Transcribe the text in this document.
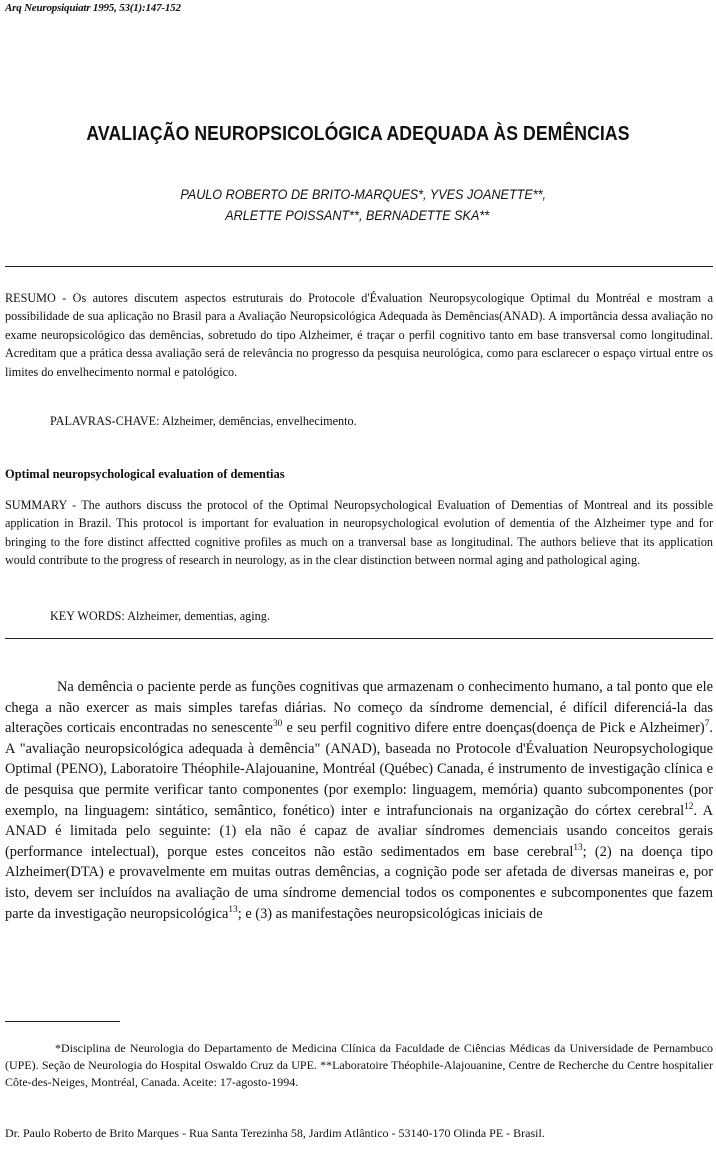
Arq Neuropsiquiatr 1995, 53(1):147-152
AVALIAÇÃO NEUROPSICOLÓGICA ADEQUADA ÀS DEMÊNCIAS
PAULO ROBERTO DE BRITO-MARQUES*, YVES JOANETTE**,
ARLETTE POISSANT**, BERNADETTE SKA**
RESUMO - Os autores discutem aspectos estruturais do Protocole d'Évaluation Neuropsycologique Optimal du Montréal e mostram a possibilidade de sua aplicação no Brasil para a Avaliação Neuropsicológica Adequada às Demências(ANAD). A importância dessa avaliação no exame neuropsicológico das demências, sobretudo do tipo Alzheimer, é traçar o perfil cognitivo tanto em base transversal como longitudinal. Acreditam que a prática dessa avaliação será de relevância no progresso da pesquisa neurológica, como para esclarecer o espaço virtual entre os limites do envelhecimento normal e patológico.
PALAVRAS-CHAVE: Alzheimer, demências, envelhecimento.
Optimal neuropsychological evaluation of dementias
SUMMARY - The authors discuss the protocol of the Optimal Neuropsychological Evaluation of Dementias of Montreal and its possible application in Brazil. This protocol is important for evaluation in neuropsychological evolution of dementia of the Alzheimer type and for bringing to the fore distinct affectted cognitive profiles as much on a tranversal base as longitudinal. The authors believe that its application would contribute to the progress of research in neurology, as in the clear distinction between normal aging and pathological aging.
KEY WORDS: Alzheimer, dementias, aging.
Na demência o paciente perde as funções cognitivas que armazenam o conhecimento humano, a tal ponto que ele chega a não exercer as mais simples tarefas diárias. No começo da síndrome demencial, é difícil diferenciá-la das alterações corticais encontradas no senescente$^{30}$ e seu perfil cognitivo difere entre doenças(doença de Pick e Alzheimer)$^7$. A "avaliação neuropsicológica adequada à demência" (ANAD), baseada no Protocole d'Évaluation Neuropsychologique Optimal (PENO), Laboratoire Théophile-Alajouanine, Montréal (Québec) Canada, é instrumento de investigação clínica e de pesquisa que permite verificar tanto componentes (por exemplo: linguagem, memória) quanto subcomponentes (por exemplo, na linguagem: sintático, semântico, fonético) inter e intrafuncionais na organização do córtex cerebral$^{12}$. A ANAD é limitada pelo seguinte: (1) ela não é capaz de avaliar síndromes demenciais usando conceitos gerais (performance intelectual), porque estes conceitos não estão sedimentados em base cerebral$^{13}$; (2) na doença tipo Alzheimer(DTA) e provavelmente em muitas outras demências, a cognição pode ser afetada de diversas maneiras e, por isto, devem ser incluídos na avaliação de uma síndrome demencial todos os componentes e subcomponentes que fazem parte da investigação neuropsicológica$^{13}$; e (3) as manifestações neuropsicológicas iniciais de
*Disciplina de Neurologia do Departamento de Medicina Clínica da Faculdade de Ciências Médicas da Universidade de Pernambuco (UPE). Seção de Neurologia do Hospital Oswaldo Cruz da UPE. **Laboratoire Théophile-Alajouanine, Centre de Recherche du Centre hospitalier Côte-des-Neiges, Montréal, Canada. Aceite: 17-agosto-1994.
Dr. Paulo Roberto de Brito Marques - Rua Santa Terezinha 58, Jardim Atlântico - 53140-170 Olinda PE - Brasil.
